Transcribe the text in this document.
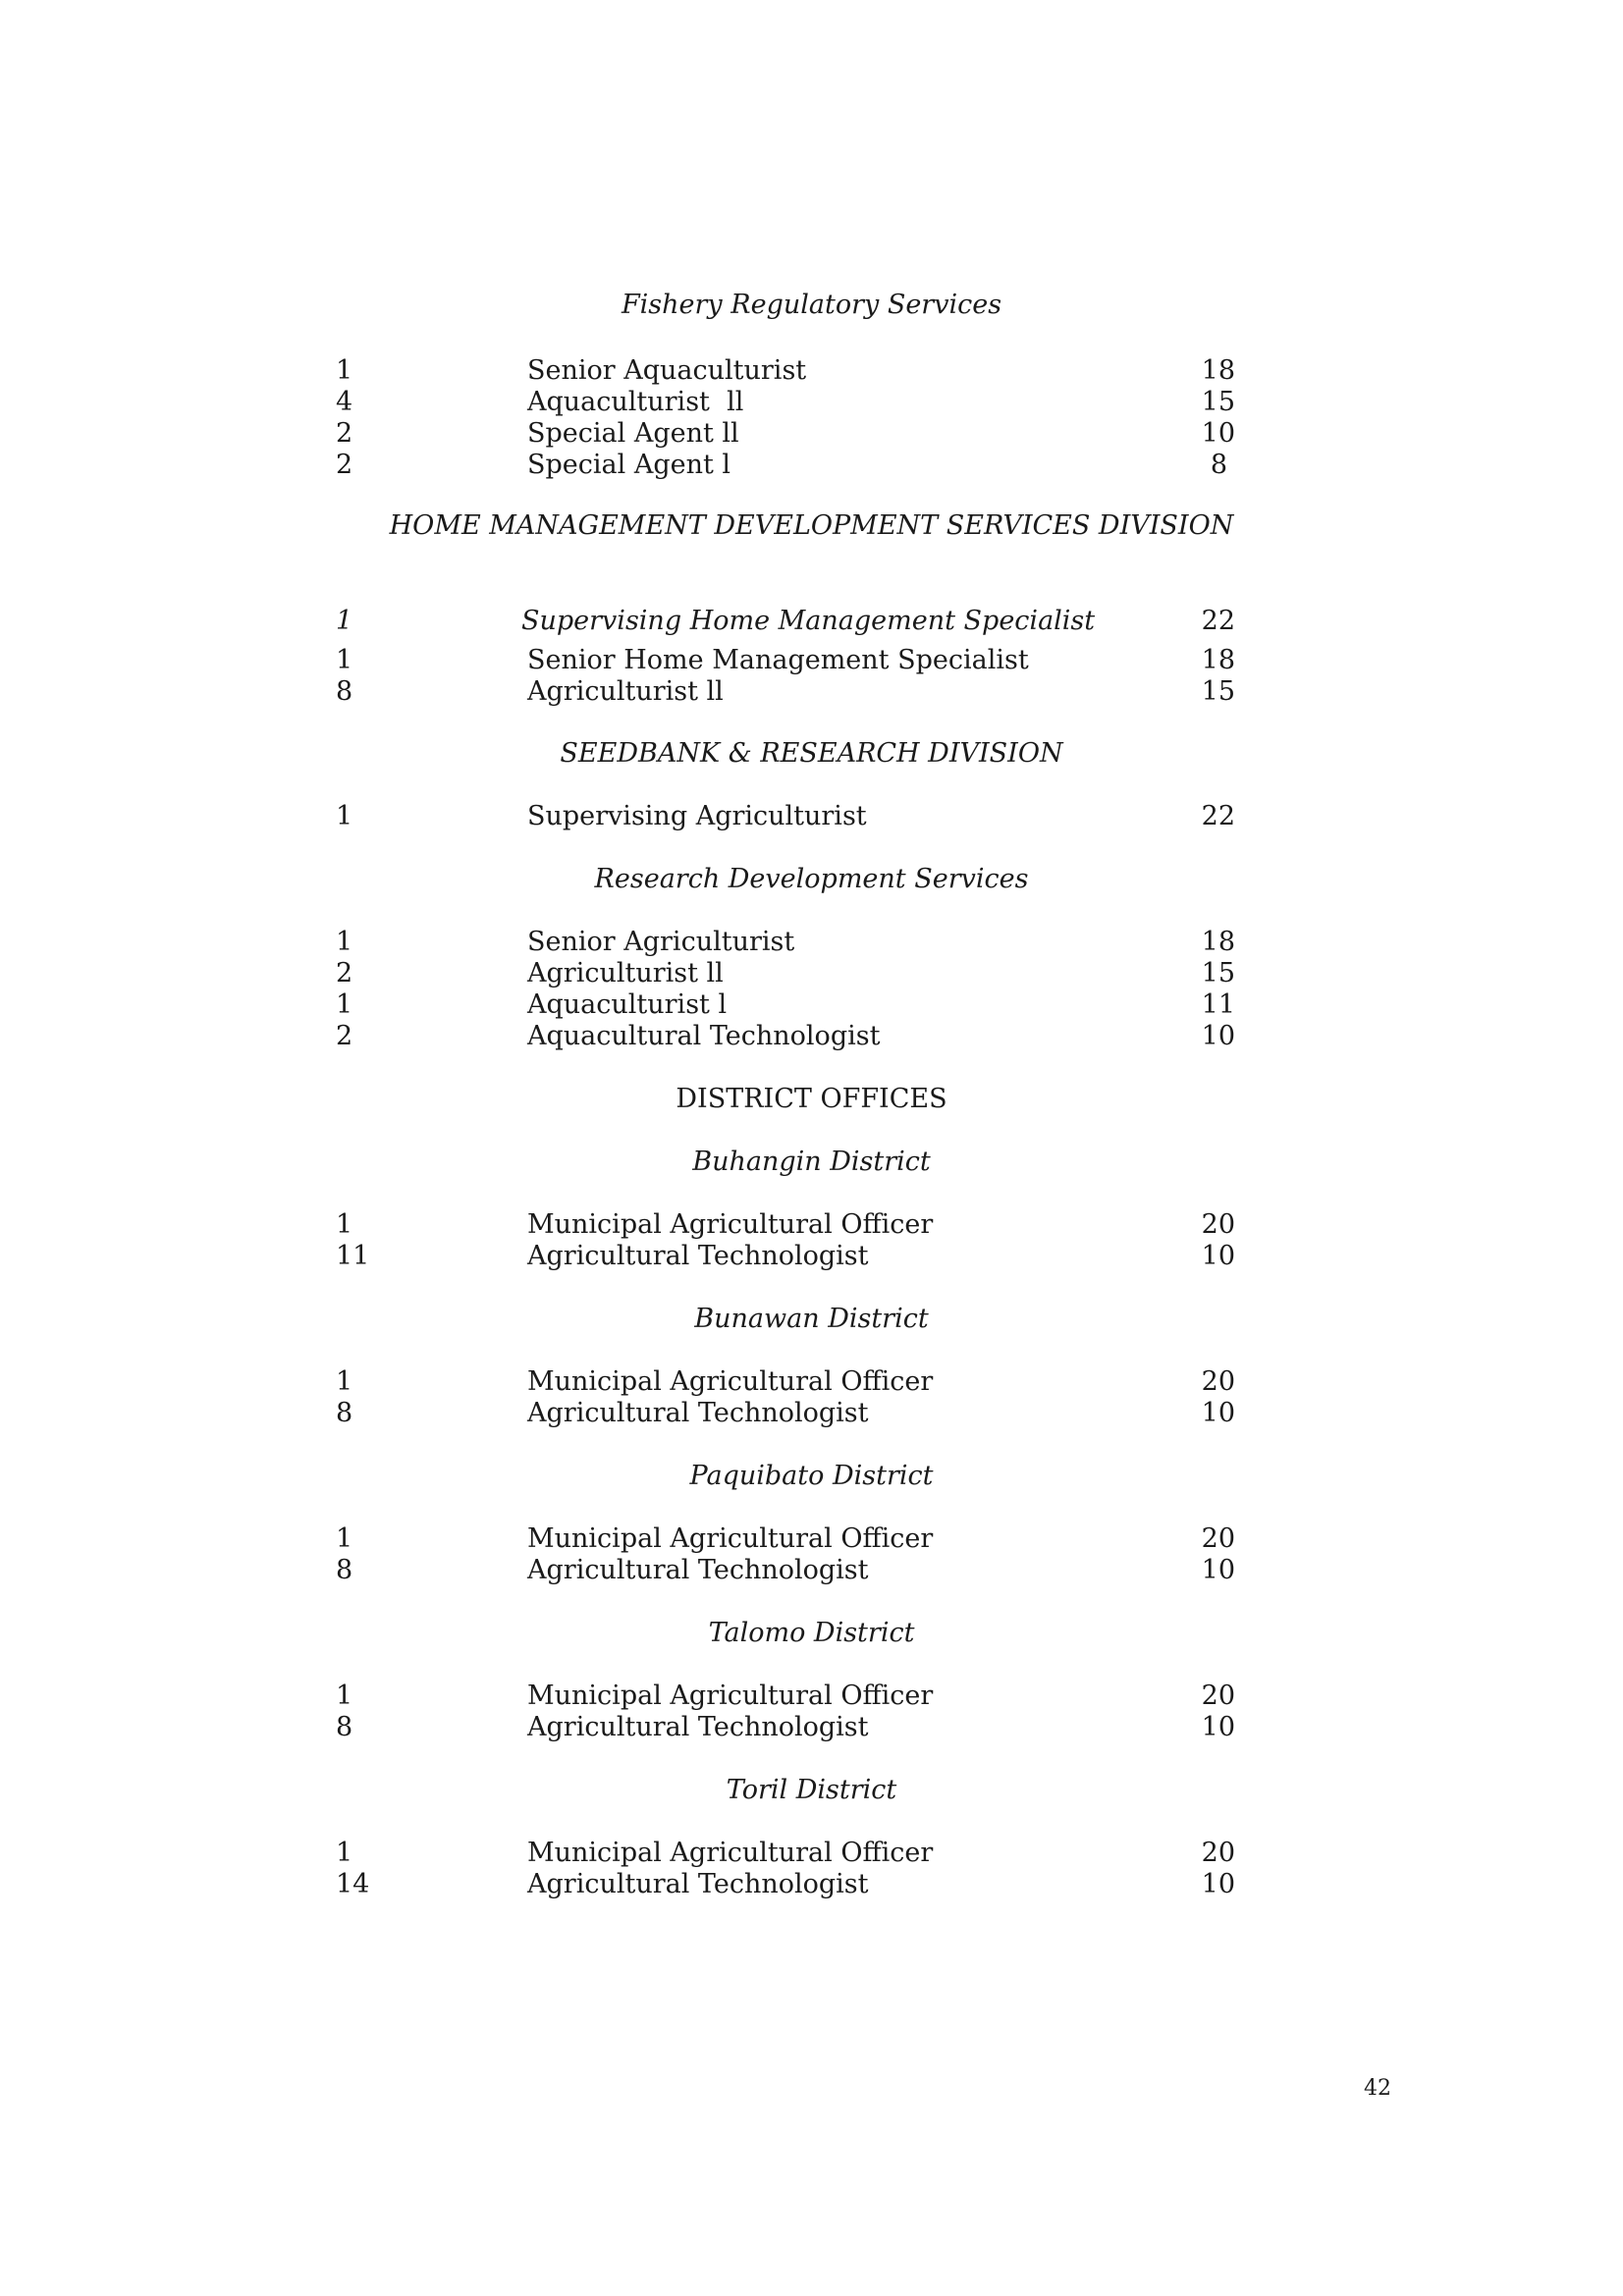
Fishery Regulatory Services
1	Senior Aquaculturist	18
4	Aquaculturist  ll	15
2	Special Agent ll	10
2	Special Agent l	8
HOME MANAGEMENT DEVELOPMENT SERVICES DIVISION
1	Supervising Home Management Specialist	22
1	Senior Home Management Specialist	18
8	Agriculturist ll	15
SEEDBANK & RESEARCH DIVISION
1	Supervising Agriculturist	22
Research Development Services
1	Senior Agriculturist	18
2	Agriculturist ll	15
1	Aquaculturist l	11
2	Aquacultural Technologist	10
DISTRICT OFFICES
Buhangin District
1	Municipal Agricultural Officer	20
11	Agricultural Technologist	10
Bunawan District
1	Municipal Agricultural Officer	20
8	Agricultural Technologist	10
Paquibato District
1	Municipal Agricultural Officer	20
8	Agricultural Technologist	10
Talomo District
1	Municipal Agricultural Officer	20
8	Agricultural Technologist	10
Toril District
1	Municipal Agricultural Officer	20
14	Agricultural Technologist	10
42
